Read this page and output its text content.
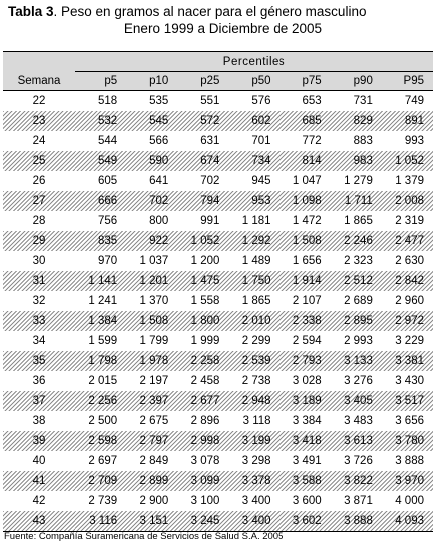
Tabla 3. Peso en gramos al nacer para el género masculino
Enero 1999 a Diciembre de 2005
	Percentiles						
Semana	p5	p10	p25	p50	p75	p90	P95
22	518	535	551	576	653	731	749
23	532	545	572	602	685	829	891
24	544	566	631	701	772	883	993
25	549	590	674	734	814	983	1 052
26	605	641	702	945	1 047	1 279	1 379
27	666	702	794	953	1 098	1 711	2 008
28	756	800	991	1 181	1 472	1 865	2 319
29	835	922	1 052	1 292	1 508	2 246	2 477
30	970	1 037	1 200	1 489	1 656	2 323	2 630
31	1 141	1 201	1 475	1 750	1 914	2 512	2 842
32	1 241	1 370	1 558	1 865	2 107	2 689	2 960
33	1 384	1 508	1 800	2 010	2 338	2 895	2 972
34	1 599	1 799	1 999	2 299	2 594	2 993	3 229
35	1 798	1 978	2 258	2 539	2 793	3 133	3 381
36	2 015	2 197	2 458	2 738	3 028	3 276	3 430
37	2 256	2 397	2 677	2 948	3 189	3 405	3 517
38	2 500	2 675	2 896	3 118	3 384	3 483	3 656
39	2 598	2 797	2 998	3 199	3 418	3 613	3 780
40	2 697	2 849	3 078	3 298	3 491	3 726	3 888
41	2 709	2 899	3 099	3 378	3 588	3 822	3 970
42	2 739	2 900	3 100	3 400	3 600	3 871	4 000
43	3 116	3 151	3 245	3 400	3 602	3 888	4 093
Fuente: Compañía Suramericana de Servicios de Salud S.A. 2005
